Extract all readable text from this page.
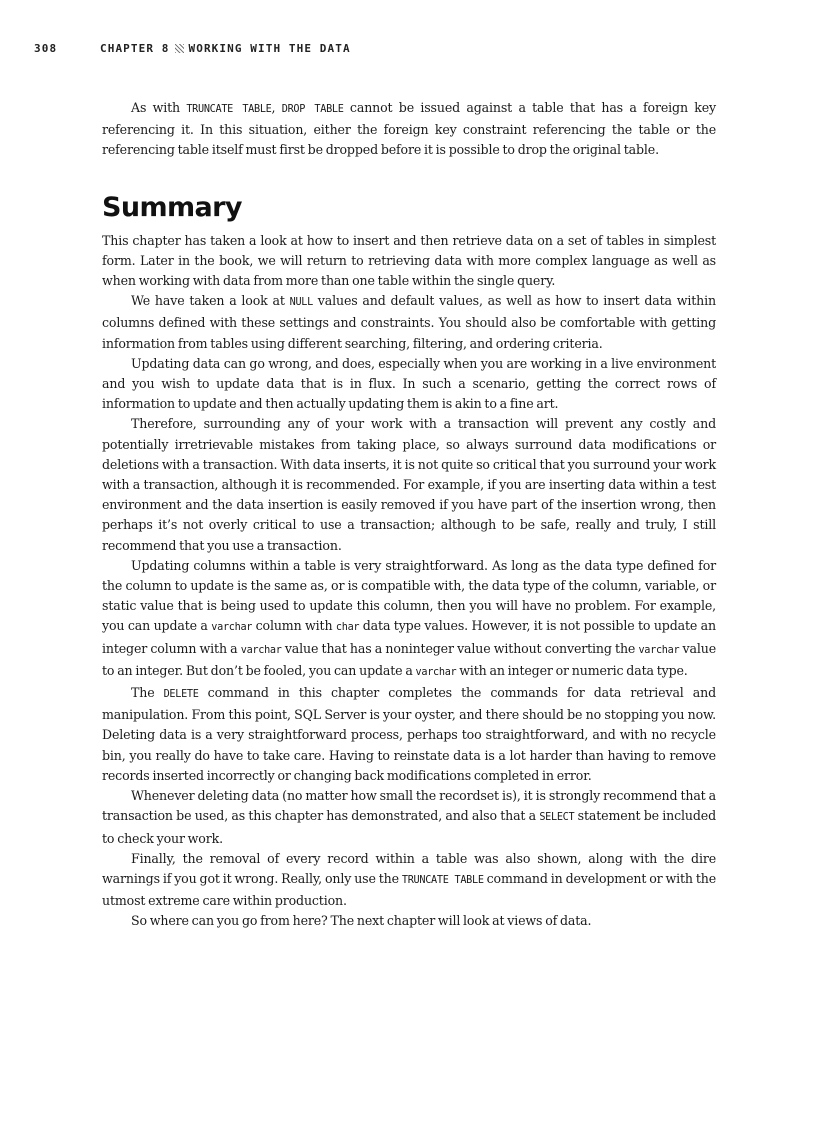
308	CHAPTER 8 WORKING WITH THE DATA

As with TRUNCATE TABLE, DROP TABLE cannot be issued against a table that has a foreign key referencing it. In this situation, either the foreign key constraint referencing the table or the referencing table itself must first be dropped before it is possible to drop the original table.

Summary

This chapter has taken a look at how to insert and then retrieve data on a set of tables in simplest form. Later in the book, we will return to retrieving data with more complex language as well as when working with data from more than one table within the single query.

We have taken a look at NULL values and default values, as well as how to insert data within columns defined with these settings and constraints. You should also be comfortable with getting information from tables using different searching, filtering, and ordering criteria.

Updating data can go wrong, and does, especially when you are working in a live environment and you wish to update data that is in flux. In such a scenario, getting the correct rows of information to update and then actually updating them is akin to a fine art.

Therefore, surrounding any of your work with a transaction will prevent any costly and potentially irretrievable mistakes from taking place, so always surround data modifications or deletions with a transaction. With data inserts, it is not quite so critical that you surround your work with a transaction, although it is recommended. For example, if you are inserting data within a test environment and the data insertion is easily removed if you have part of the insertion wrong, then perhaps it’s not overly critical to use a transaction; although to be safe, really and truly, I still recommend that you use a transaction.

Updating columns within a table is very straightforward. As long as the data type defined for the column to update is the same as, or is compatible with, the data type of the column, variable, or static value that is being used to update this column, then you will have no problem. For example, you can update a varchar column with char data type values. However, it is not possible to update an integer column with a varchar value that has a noninteger value without converting the varchar value to an integer. But don’t be fooled, you can update a varchar with an integer or numeric data type.

The DELETE command in this chapter completes the commands for data retrieval and manipulation. From this point, SQL Server is your oyster, and there should be no stopping you now. Deleting data is a very straightforward process, perhaps too straightforward, and with no recycle bin, you really do have to take care. Having to reinstate data is a lot harder than having to remove records inserted incorrectly or changing back modifications completed in error.

Whenever deleting data (no matter how small the recordset is), it is strongly recommend that a transaction be used, as this chapter has demonstrated, and also that a SELECT statement be included to check your work.

Finally, the removal of every record within a table was also shown, along with the dire warnings if you got it wrong. Really, only use the TRUNCATE TABLE command in development or with the utmost extreme care within production.

So where can you go from here? The next chapter will look at views of data.
